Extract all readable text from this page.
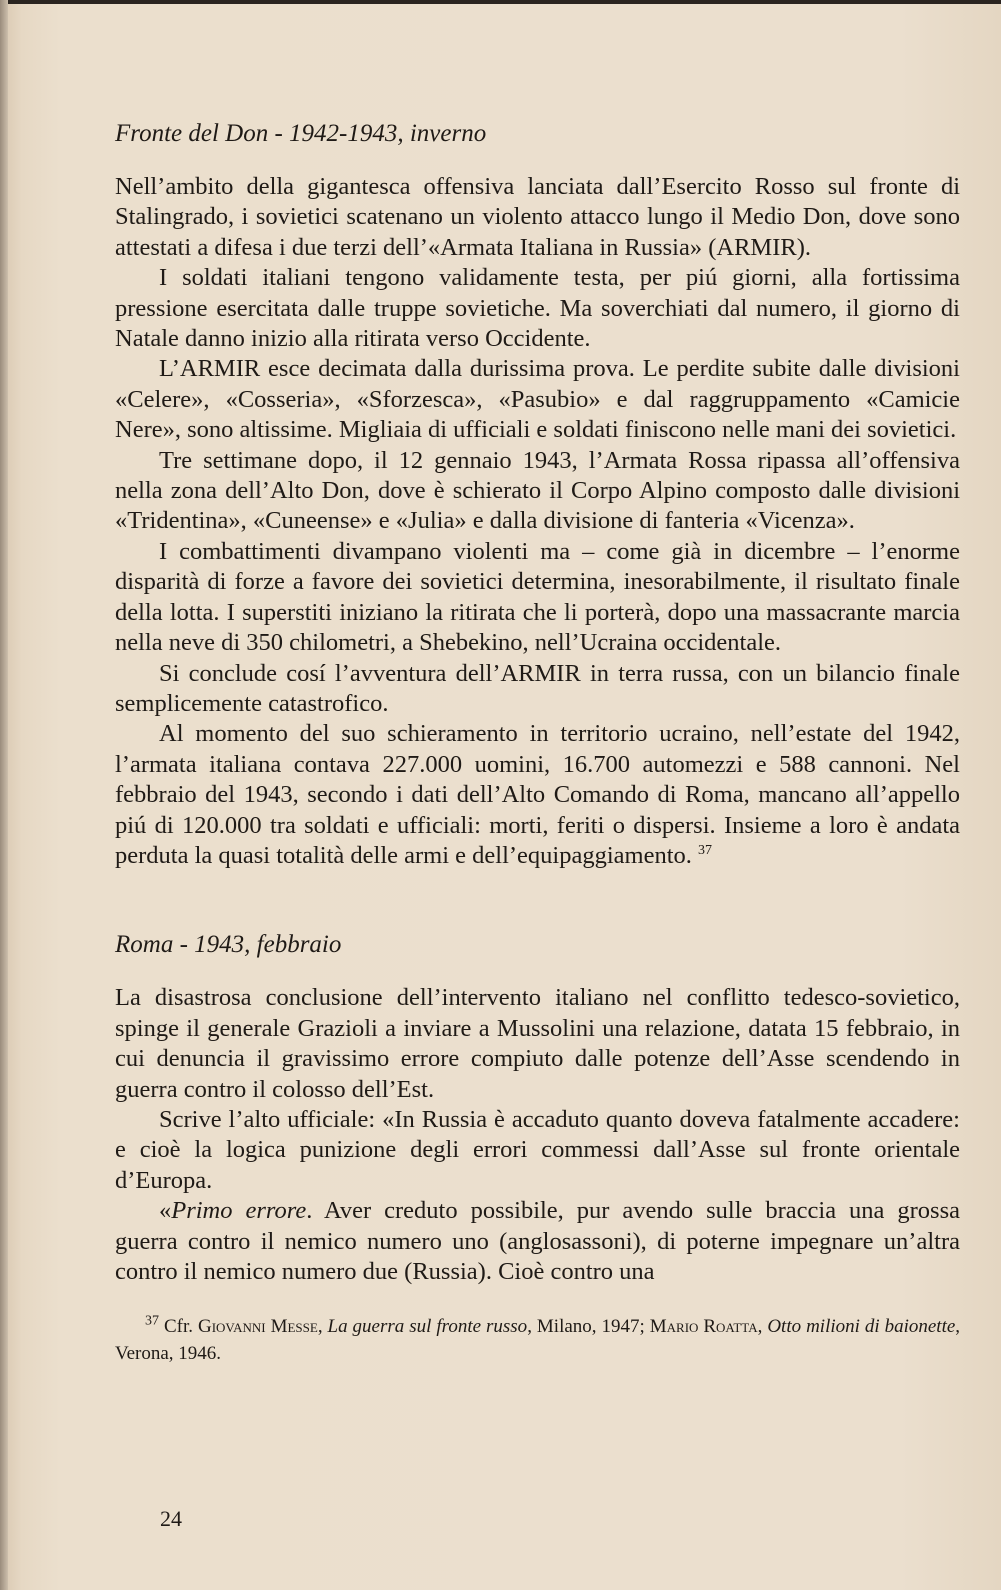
Fronte del Don - 1942-1943, inverno

Nell’ambito della gigantesca offensiva lanciata dall’Esercito Rosso sul fronte di Stalingrado, i sovietici scatenano un violento attacco lungo il Medio Don, dove sono attestati a difesa i due terzi dell’«Armata Italiana in Russia» (ARMIR).

I soldati italiani tengono validamente testa, per piú giorni, alla fortissima pressione esercitata dalle truppe sovietiche. Ma soverchiati dal numero, il giorno di Natale danno inizio alla ritirata verso Occidente.

L’ARMIR esce decimata dalla durissima prova. Le perdite subite dalle divisioni «Celere», «Cosseria», «Sforzesca», «Pasubio» e dal raggruppamento «Camicie Nere», sono altissime. Migliaia di ufficiali e soldati finiscono nelle mani dei sovietici.

Tre settimane dopo, il 12 gennaio 1943, l’Armata Rossa ripassa all’offensiva nella zona dell’Alto Don, dove è schierato il Corpo Alpino composto dalle divisioni «Tridentina», «Cuneense» e «Julia» e dalla divisione di fanteria «Vicenza».

I combattimenti divampano violenti ma – come già in dicembre – l’enorme disparità di forze a favore dei sovietici determina, inesorabilmente, il risultato finale della lotta. I superstiti iniziano la ritirata che li porterà, dopo una massacrante marcia nella neve di 350 chilometri, a Shebekino, nell’Ucraina occidentale.

Si conclude cosí l’avventura dell’ARMIR in terra russa, con un bilancio finale semplicemente catastrofico.

Al momento del suo schieramento in territorio ucraino, nell’estate del 1942, l’armata italiana contava 227.000 uomini, 16.700 automezzi e 588 cannoni. Nel febbraio del 1943, secondo i dati dell’Alto Comando di Roma, mancano all’appello piú di 120.000 tra soldati e ufficiali: morti, feriti o dispersi. Insieme a loro è andata perduta la quasi totalità delle armi e dell’equipaggiamento. $^{37}$

Roma - 1943, febbraio

La disastrosa conclusione dell’intervento italiano nel conflitto tedesco-sovietico, spinge il generale Grazioli a inviare a Mussolini una relazione, datata 15 febbraio, in cui denuncia il gravissimo errore compiuto dalle potenze dell’Asse scendendo in guerra contro il colosso dell’Est.

Scrive l’alto ufficiale: «In Russia è accaduto quanto doveva fatalmente accadere: e cioè la logica punizione degli errori commessi dall’Asse sul fronte orientale d’Europa.

«Primo errore. Aver creduto possibile, pur avendo sulle braccia una grossa guerra contro il nemico numero uno (anglosassoni), di poterne impegnare un’altra contro il nemico numero due (Russia). Cioè contro una

$^{37}$ Cfr. Giovanni Messe, La guerra sul fronte russo, Milano, 1947; Mario Roatta, Otto milioni di baionette, Verona, 1946.

24
